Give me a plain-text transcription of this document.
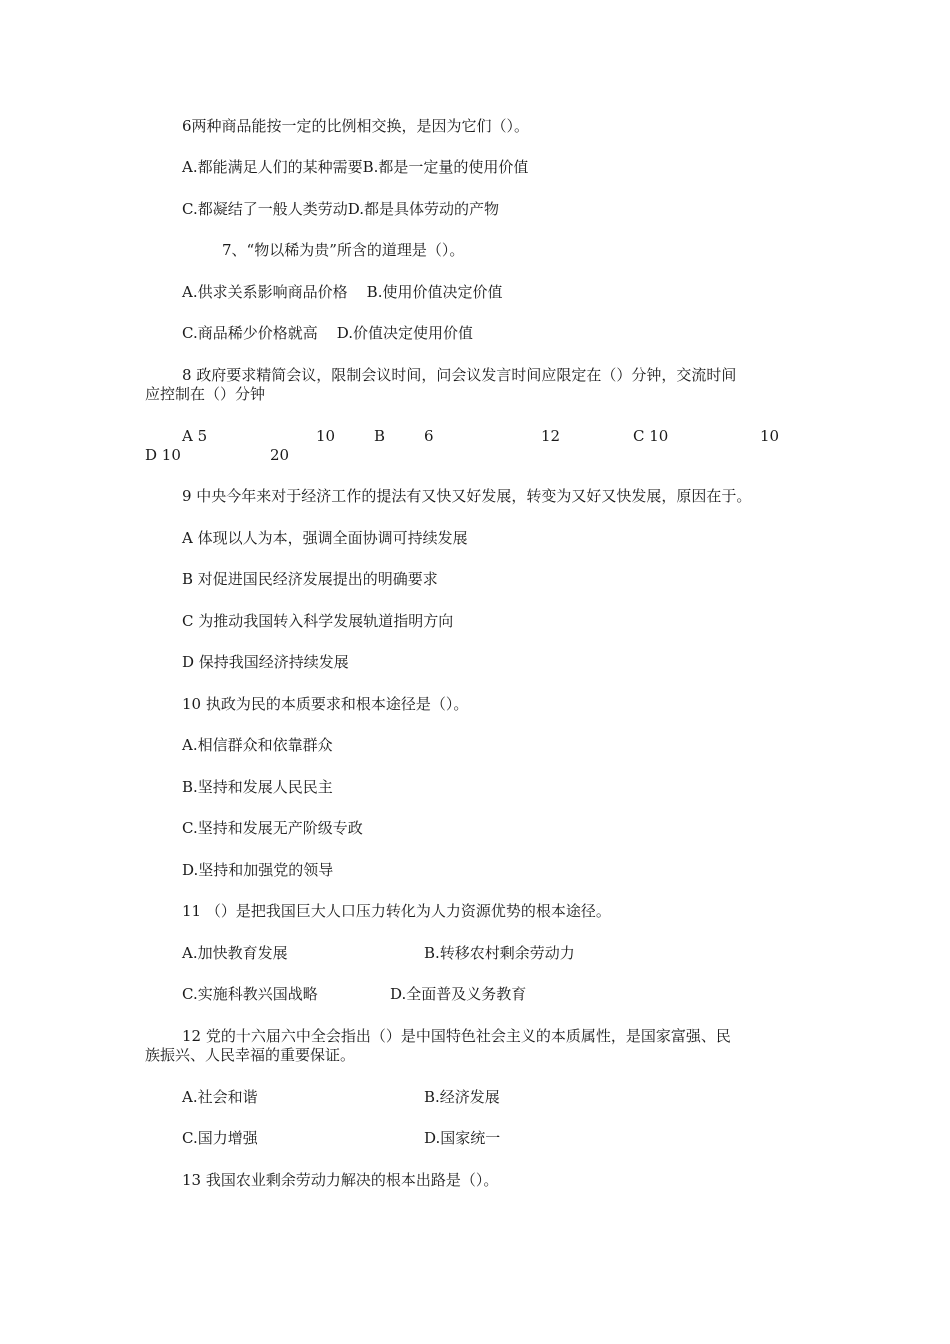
6两种商品能按一定的比例相交换，是因为它们（）。
A.都能满足人们的某种需要B.都是一定量的使用价值
C.都凝结了一般人类劳动D.都是具体劳动的产物
7、“物以稀为贵”所含的道理是（）。
A.供求关系影响商品价格    B.使用价值决定价值
C.商品稀少价格就高    D.价值决定使用价值
8 政府要求精简会议，限制会议时间，问会议发言时间应限定在（）分钟，交流时间
应控制在（）分钟
A 5	10	B	6	12	C 10	10
D 10	20
9 中央今年来对于经济工作的提法有又快又好发展，转变为又好又快发展，原因在于。
A 体现以人为本，强调全面协调可持续发展
B 对促进国民经济发展提出的明确要求
C 为推动我国转入科学发展轨道指明方向
D 保持我国经济持续发展
10 执政为民的本质要求和根本途径是（）。
A.相信群众和依靠群众
B.坚持和发展人民民主
C.坚持和发展无产阶级专政
D.坚持和加强党的领导
11 （）是把我国巨大人口压力转化为人力资源优势的根本途径。
A.加快教育发展	B.转移农村剩余劳动力
C.实施科教兴国战略	D.全面普及义务教育
12 党的十六届六中全会指出（）是中国特色社会主义的本质属性，是国家富强、民
族振兴、人民幸福的重要保证。
A.社会和谐	B.经济发展
C.国力增强	D.国家统一
13 我国农业剩余劳动力解决的根本出路是（）。
